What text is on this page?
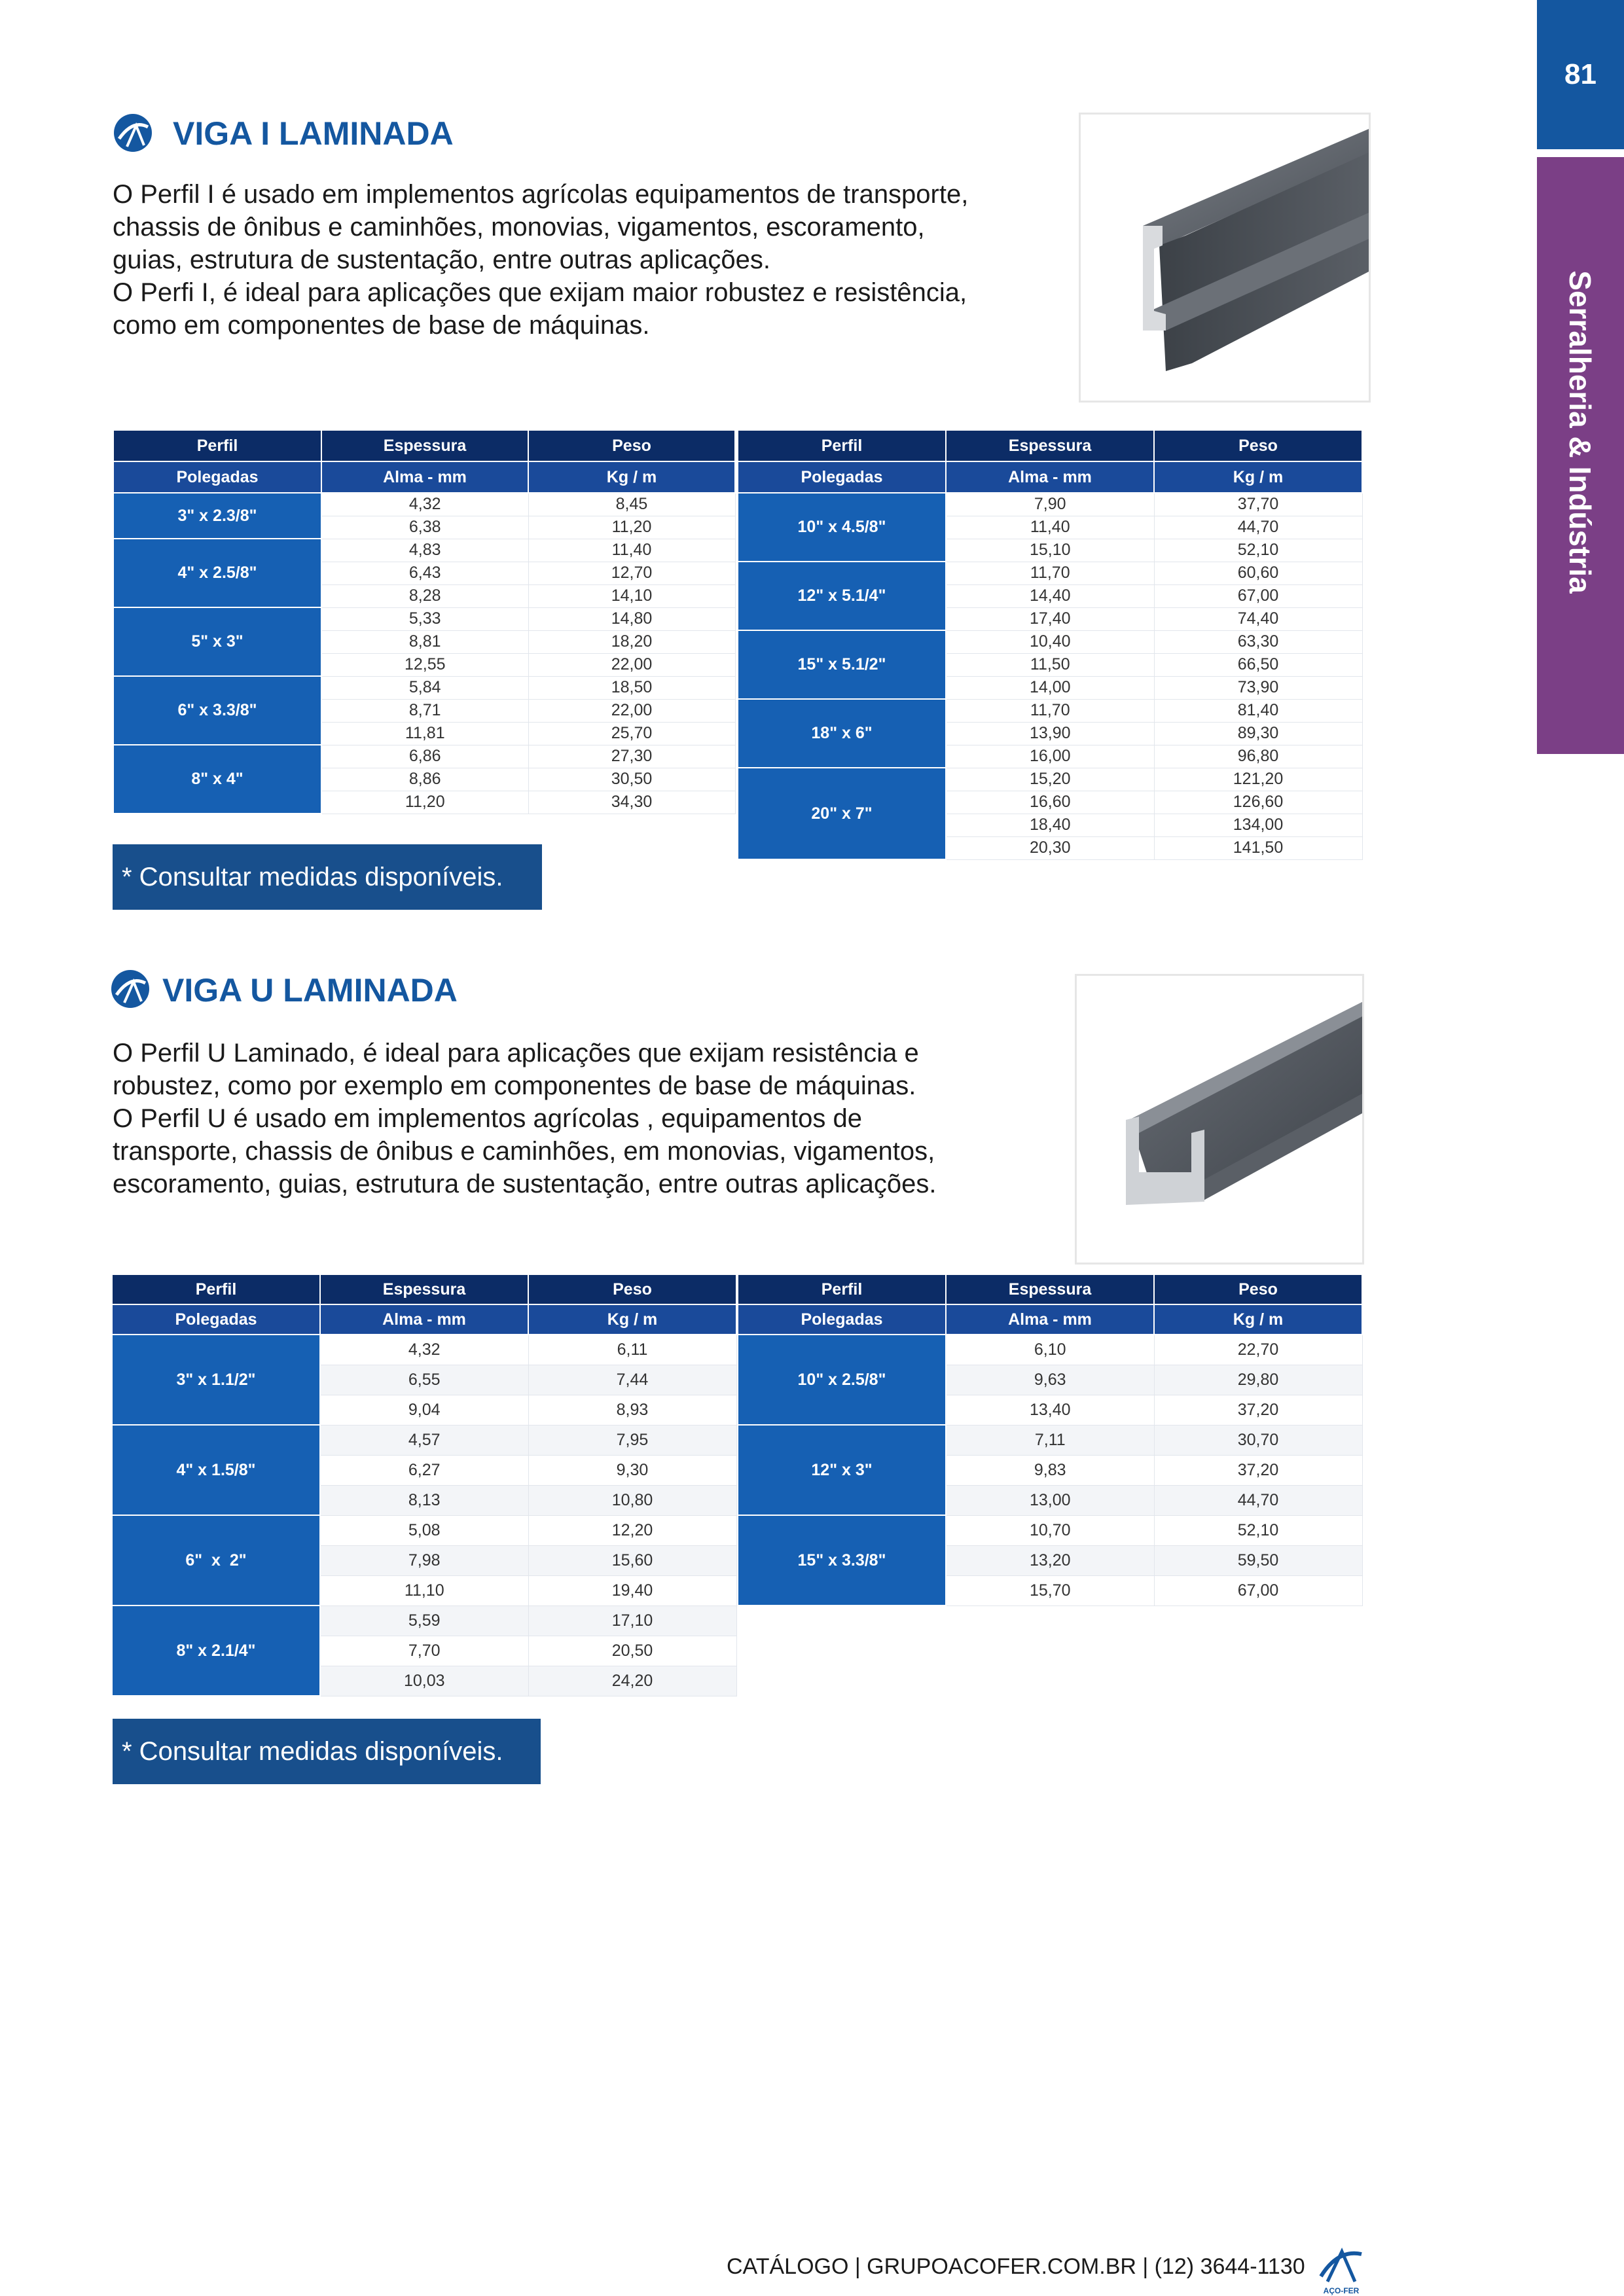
81
Serralheria & Indústria
VIGA I LAMINADA

O Perfil I é usado em implementos agrícolas equipamentos de transporte,

chassis de ônibus e caminhões, monovias, vigamentos, escoramento,

guias, estrutura de sustentação, entre outras aplicações.

O Perfi I, é ideal para aplicações que exijam maior robustez e resistência,

como em componentes de base de máquinas.

Perfil	Espessura	Peso
Polegadas	Alma - mm	Kg / m
3" x 2.3/8"	4,32	8,45
	6,38	11,20
4" x 2.5/8"	4,83	11,40
	6,43	12,70
	8,28	14,10
5" x 3"	5,33	14,80
	8,81	18,20
	12,55	22,00
6" x 3.3/8"	5,84	18,50
	8,71	22,00
	11,81	25,70
8" x 4"	6,86	27,30
	8,86	30,50
	11,20	34,30
Perfil	Espessura	Peso
Polegadas	Alma - mm	Kg / m
10" x 4.5/8"	7,90	37,70
	11,40	44,70
	15,10	52,10
12" x 5.1/4"	11,70	60,60
	14,40	67,00
	17,40	74,40
15" x 5.1/2"	10,40	63,30
	11,50	66,50
	14,00	73,90
18" x 6"	11,70	81,40
	13,90	89,30
	16,00	96,80
20" x 7"	15,20	121,20
	16,60	126,60
	18,40	134,00
	20,30	141,50
* Consultar medidas disponíveis.
VIGA U LAMINADA

O Perfil U Laminado, é ideal para aplicações que exijam resistência e

robustez, como por exemplo em componentes de base de máquinas.

O Perfil U é usado em implementos agrícolas , equipamentos de

transporte, chassis de ônibus e caminhões, em monovias, vigamentos,

escoramento, guias, estrutura de sustentação, entre outras aplicações.

Perfil	Espessura	Peso
Polegadas	Alma - mm	Kg / m
3" x 1.1/2"	4,32	6,11
	6,55	7,44
	9,04	8,93
4" x 1.5/8"	4,57	7,95
	6,27	9,30
	8,13	10,80
6"  x  2"	5,08	12,20
	7,98	15,60
	11,10	19,40
8" x 2.1/4"	5,59	17,10
	7,70	20,50
	10,03	24,20
Perfil	Espessura	Peso
Polegadas	Alma - mm	Kg / m
10" x 2.5/8"	6,10	22,70
	9,63	29,80
	13,40	37,20
12" x 3"	7,11	30,70
	9,83	37,20
	13,00	44,70
15" x 3.3/8"	10,70	52,10
	13,20	59,50
	15,70	67,00
* Consultar medidas disponíveis.
CATÁLOGO | GRUPOACOFER.COM.BR | (12) 3644-1130
AÇO-FER
